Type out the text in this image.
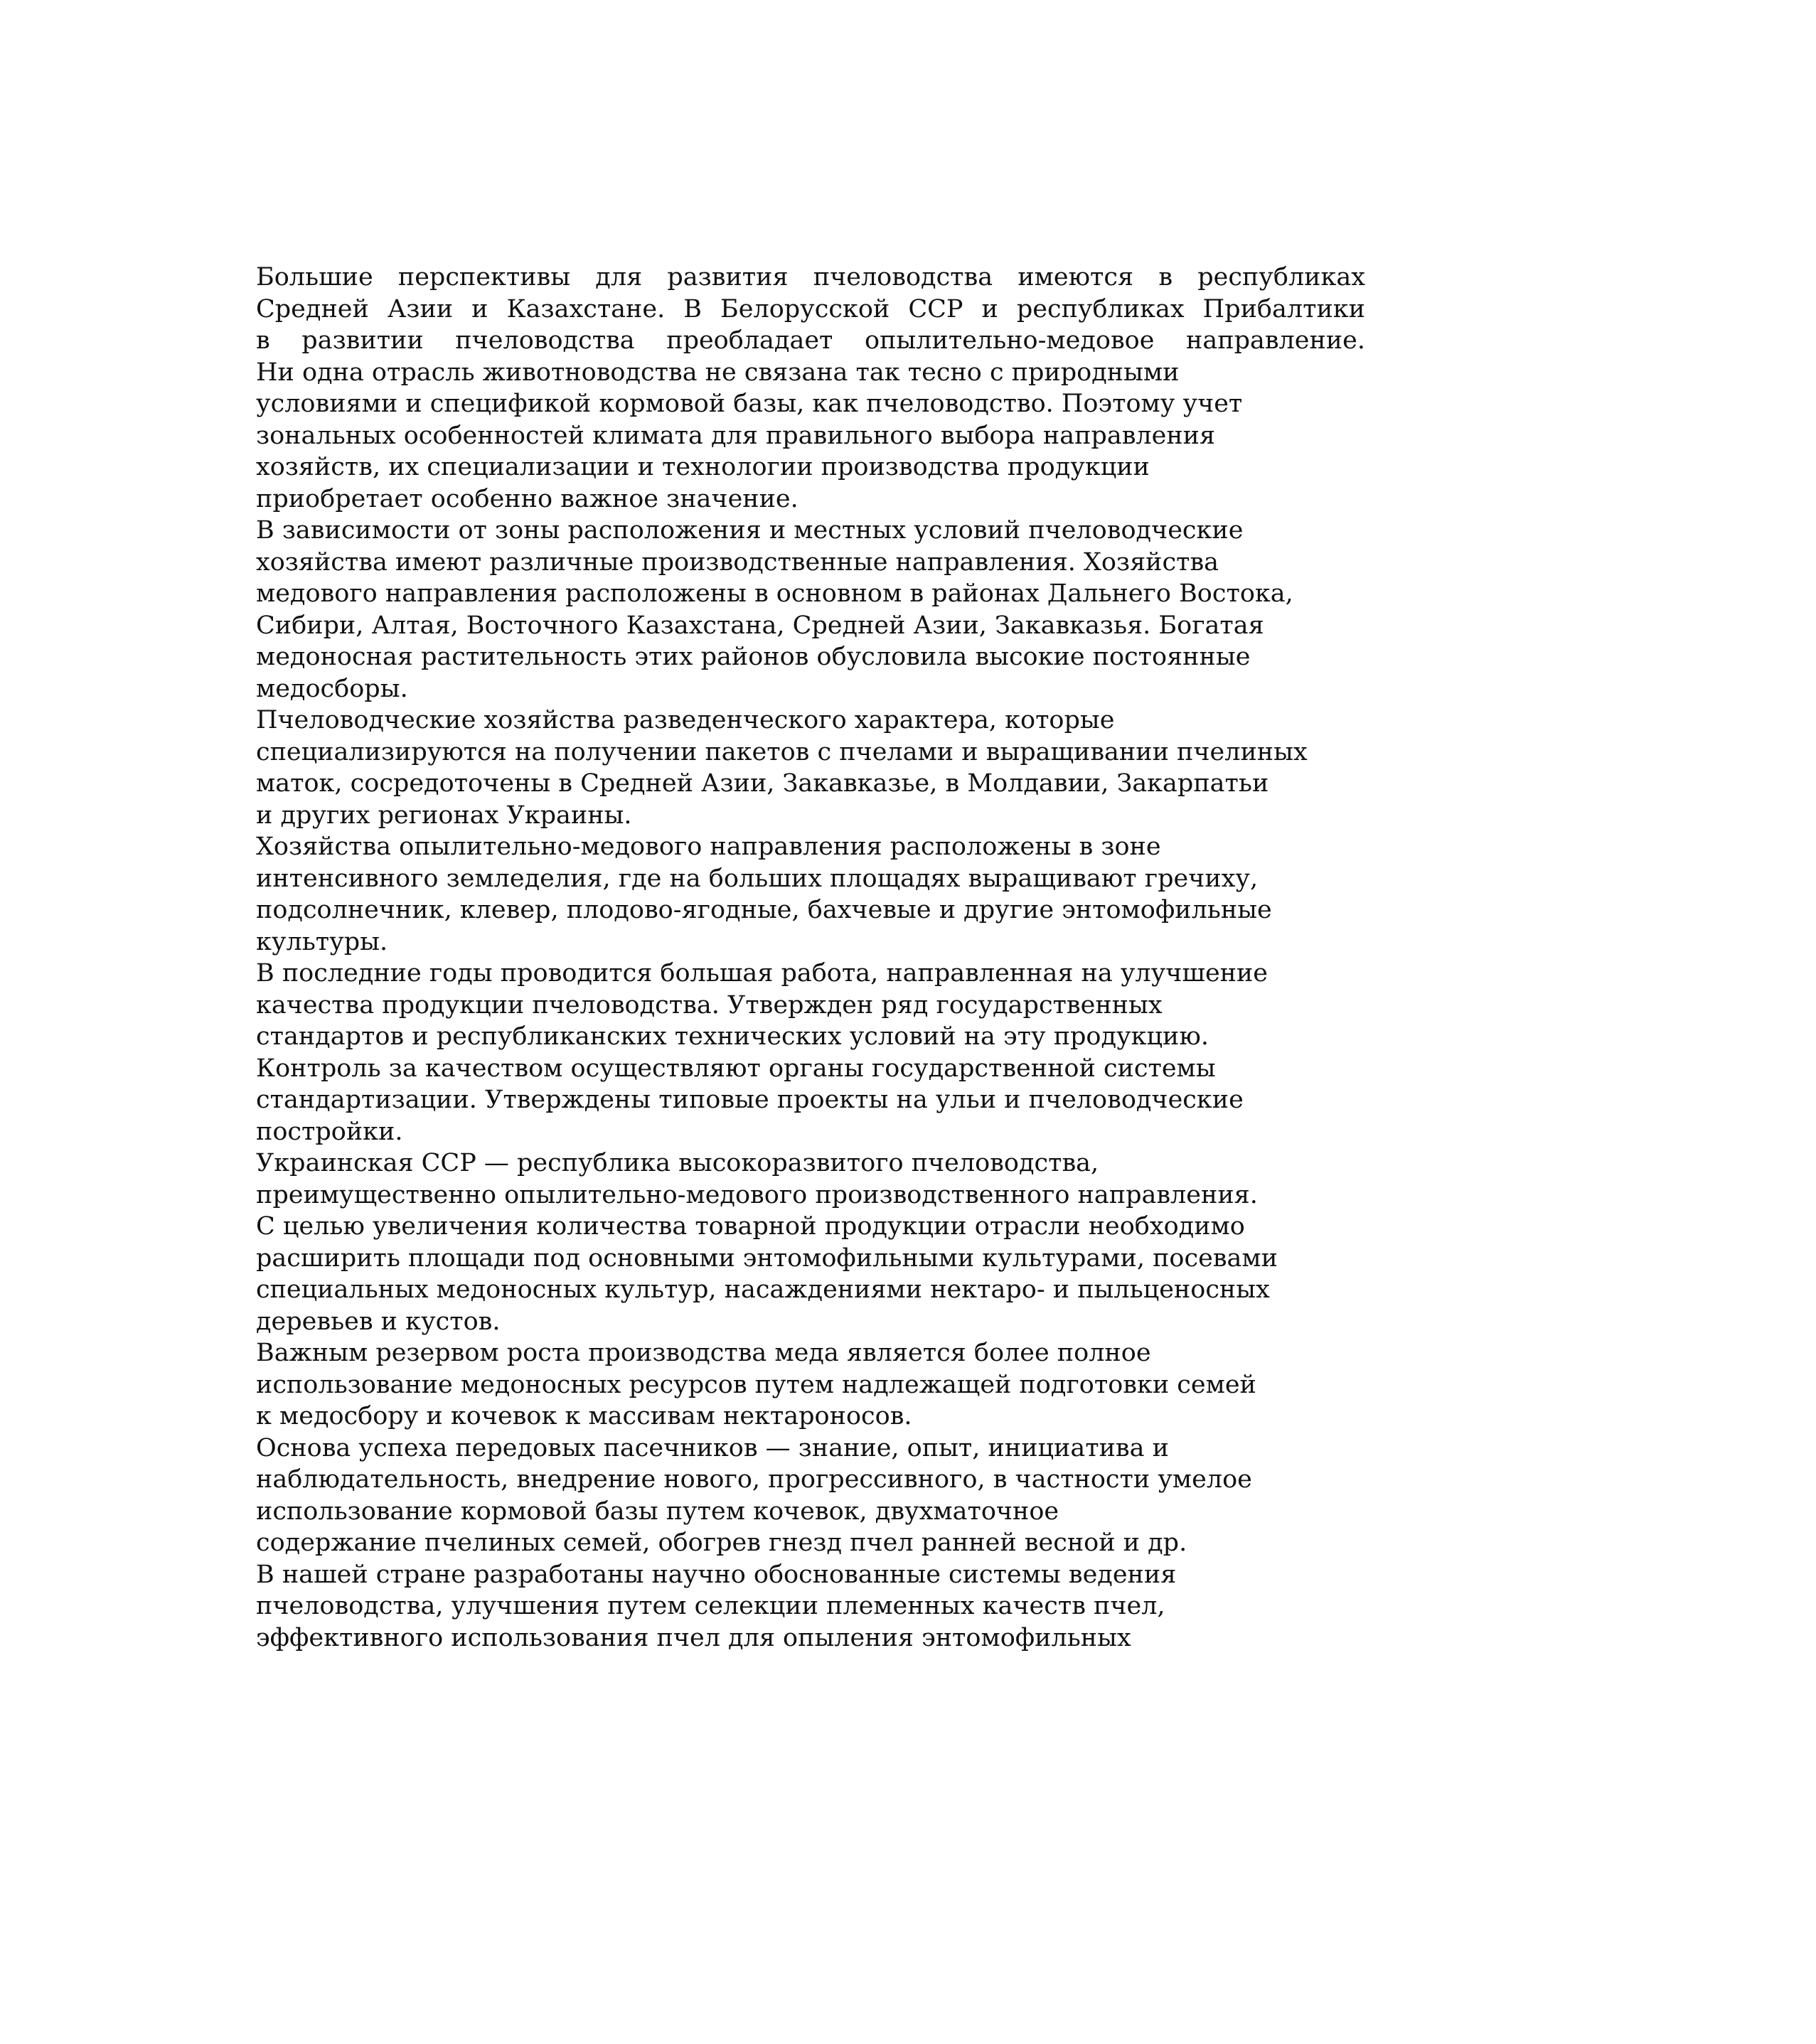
Большие перспективы для развития пчеловодства имеются в республиках
Средней Азии и Казахстане. В Белорусской ССР и республиках Прибалтики
в развитии пчеловодства преобладает опылительно-медовое направление.
Ни одна отрасль животноводства не связана так тесно с природными
условиями и спецификой кормовой базы, как пчеловодство. Поэтому учет
зональных особенностей климата для правильного выбора направления
хозяйств, их специализации и технологии производства продукции
приобретает особенно важное значение.
В зависимости от зоны расположения и местных условий пчеловодческие
хозяйства имеют различные производственные направления. Хозяйства
медового направления расположены в основном в районах Дальнего Востока,
Сибири, Алтая, Восточного Казахстана, Средней Азии, Закавказья. Богатая
медоносная растительность этих районов обусловила высокие постоянные
медосборы.
Пчеловодческие хозяйства разведенческого характера, которые
специализируются на получении пакетов с пчелами и выращивании пчелиных
маток, сосредоточены в Средней Азии, Закавказье, в Молдавии, Закарпатьи
и других регионах Украины.
Хозяйства опылительно-медового направления расположены в зоне
интенсивного земледелия, где на больших площадях выращивают гречиху,
подсолнечник, клевер, плодово-ягодные, бахчевые и другие энтомофильные
культуры.
В последние годы проводится большая работа, направленная на улучшение
качества продукции пчеловодства. Утвержден ряд государственных
стандартов и республиканских технических условий на эту продукцию.
Контроль за качеством осуществляют органы государственной системы
стандартизации. Утверждены типовые проекты на ульи и пчеловодческие
постройки.
Украинская ССР — республика высокоразвитого пчеловодства,
преимущественно опылительно-медового производственного направления.
С целью увеличения количества товарной продукции отрасли необходимо
расширить площади под основными энтомофильными культурами, посевами
специальных медоносных культур, насаждениями нектаро- и пыльценосных
деревьев и кустов.
Важным резервом роста производства меда является более полное
использование медоносных ресурсов путем надлежащей подготовки семей
к медосбору и кочевок к массивам нектароносов.
Основа успеха передовых пасечников — знание, опыт, инициатива и
наблюдательность, внедрение нового, прогрессивного, в частности умелое
использование кормовой базы путем кочевок, двухматочное
содержание пчелиных семей, обогрев гнезд пчел ранней весной и др.
В нашей стране разработаны научно обоснованные системы ведения
пчеловодства, улучшения путем селекции племенных качеств пчел,
эффективного использования пчел для опыления энтомофильных
